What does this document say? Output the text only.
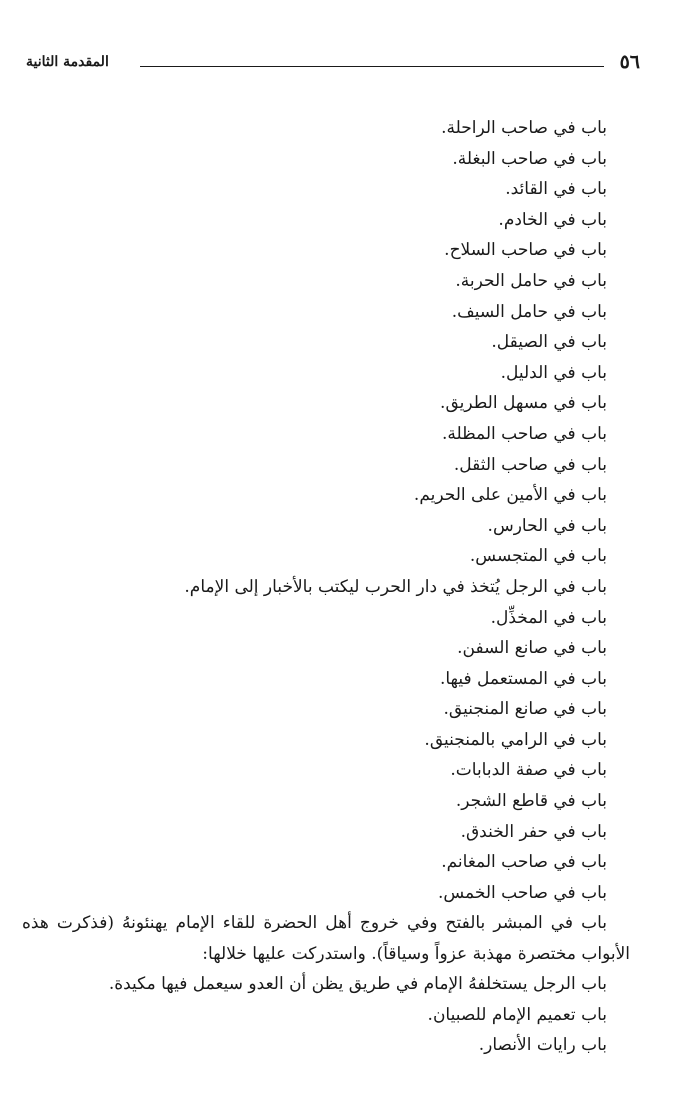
٥٦
المقدمة الثانية
باب في صاحب الراحلة.
باب في صاحب البغلة.
باب في القائد.
باب في الخادم.
باب في صاحب السلاح.
باب في حامل الحربة.
باب في حامل السيف.
باب في الصيقل.
باب في الدليل.
باب في مسهل الطريق.
باب في صاحب المظلة.
باب في صاحب الثقل.
باب في الأمين على الحريم.
باب في الحارس.
باب في المتجسس.
باب في الرجل يُتخذ في دار الحرب ليكتب بالأخبار إلى الإمام.
باب في المخذِّل.
باب في صانع السفن.
باب في المستعمل فيها.
باب في صانع المنجنيق.
باب في الرامي بالمنجنيق.
باب في صفة الدبابات.
باب في قاطع الشجر.
باب في حفر الخندق.
باب في صاحب المغانم.
باب في صاحب الخمس.

باب في المبشر بالفتح وفي خروج أهل الحضرة للقاء الإمام يهنئونهُ (فذكرت هذه الأبواب مختصرة مهذبة عزواً وسياقاً). واستدركت عليها خلالها:

باب الرجل يستخلفهُ الإمام في طريق يظن أن العدو سيعمل فيها مكيدة.
باب تعميم الإمام للصبيان.
باب رايات الأنصار.
